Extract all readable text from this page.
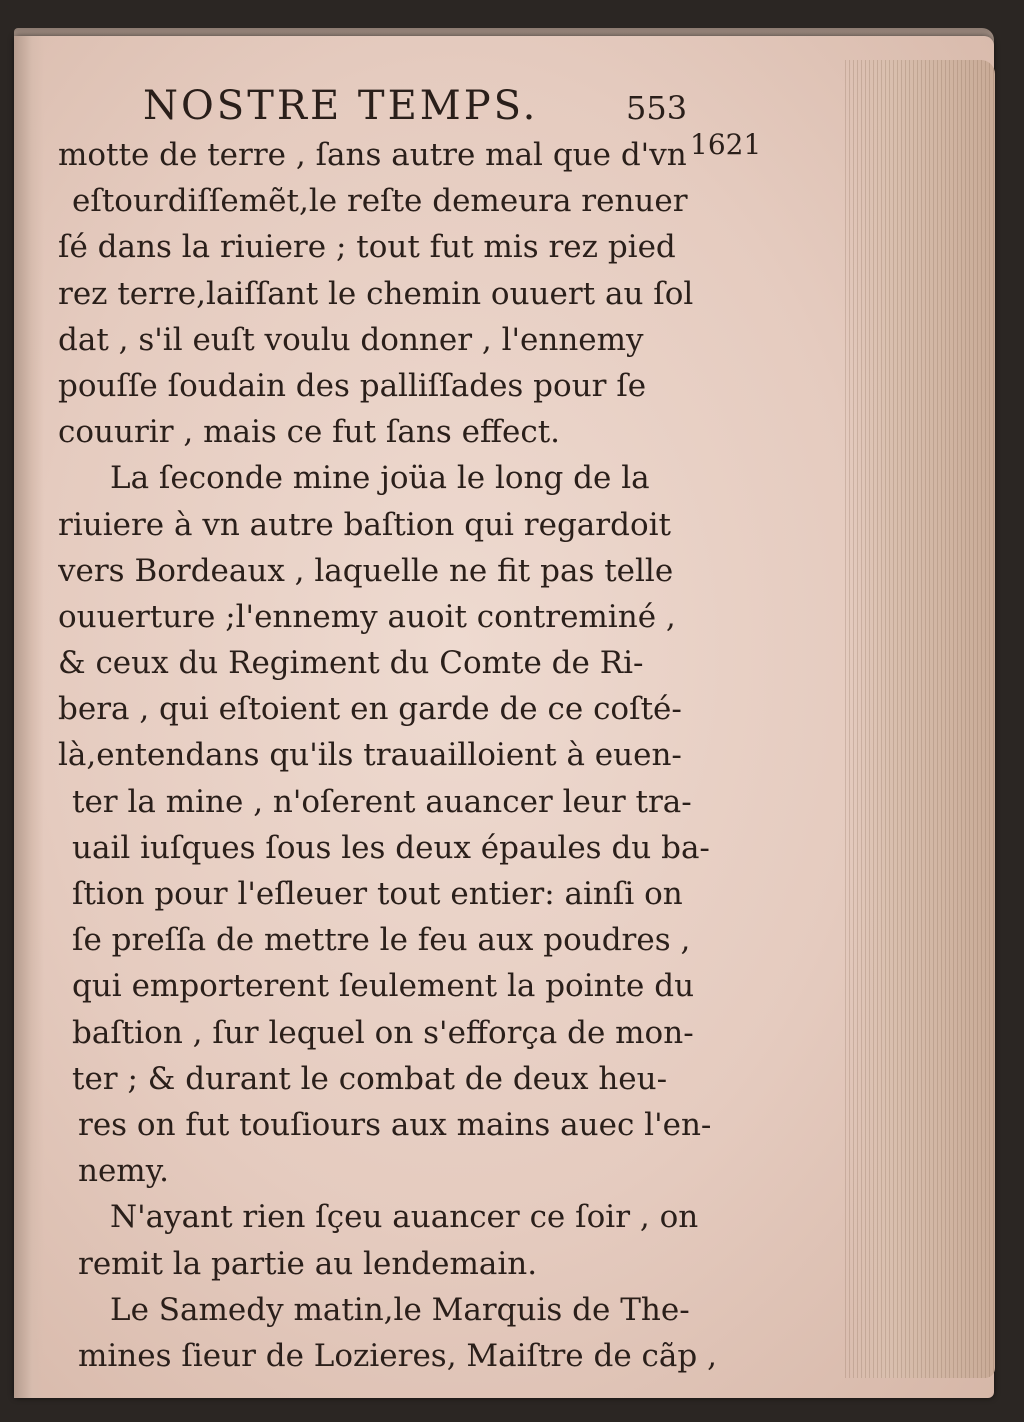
NOSTRE TEMPS.	553
motte de terre , ſans autre mal que d'vn
eſtourdiſſemẽt,le reſte demeura renuer
ſé dans la riuiere ; tout fut mis rez pied
rez terre,laiſſant le chemin ouuert au ſol
dat , s'il euſt voulu donner , l'ennemy
pouſſe ſoudain des palliſſades pour ſe
couurir , mais ce fut ſans effect.
La ſeconde mine joüa le long de la
riuiere à vn autre baſtion qui regardoit
vers Bordeaux , laquelle ne fit pas telle
ouuerture ;l'ennemy auoit contreminé ,
& ceux du Regiment du Comte de Ri-
bera , qui eſtoient en garde de ce coſté-
là,entendans qu'ils trauailloient à euen-
ter la mine , n'oſerent auancer leur tra-
uail iuſques ſous les deux épaules du ba-
ſtion pour l'eſleuer tout entier: ainſi on
ſe preſſa de mettre le feu aux poudres ,
qui emporterent ſeulement la pointe du
baſtion , ſur lequel on s'efforça de mon-
ter ; & durant le combat de deux heu-
res on fut touſiours aux mains auec l'en-
nemy.
N'ayant rien ſçeu auancer ce ſoir , on
remit la partie au lendemain.
Le Samedy matin,le Marquis de The-
mines ſieur de Lozieres, Maiſtre de cãp ,
1621
